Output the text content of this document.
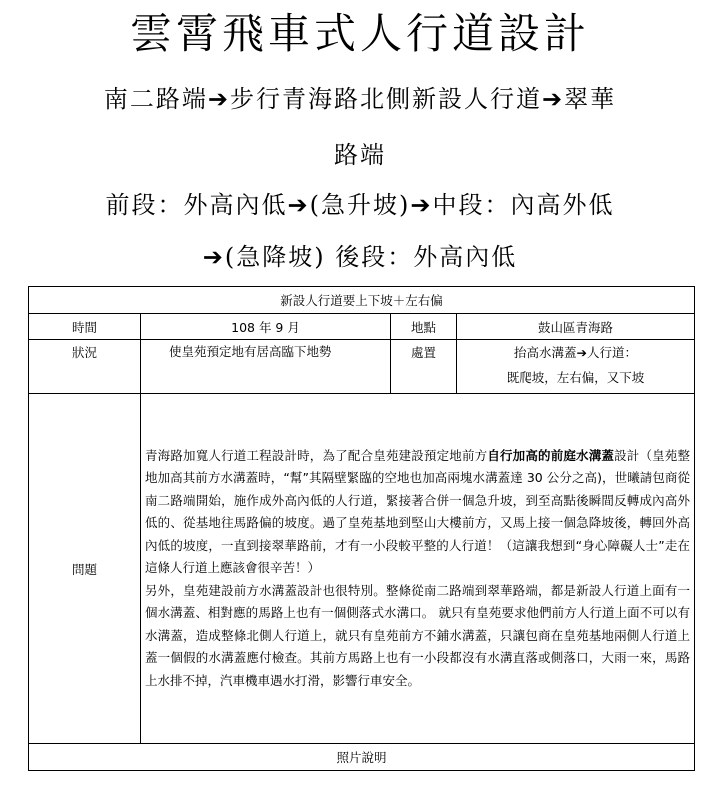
雲霄飛車式人行道設計
南二路端➔步行青海路北側新設人行道➔翠華
路端
前段：外高內低➔(急升坡)➔中段：內高外低
➔(急降坡) 後段：外高內低
新設人行道要上下坡＋左右偏			
時間	108 年 9 月	地點	鼓山區青海路
狀況	使皇苑預定地有居高臨下地勢	處置	抬高水溝蓋➔人行道：
既爬坡，左右偏，又下坡

問題	青海路加寬人行道工程設計時，為了配合皇苑建設預定地前方自行加高的前庭水溝蓋設計（皇苑整地加高其前方水溝蓋時，“幫”其隔壁緊臨的空地也加高兩塊水溝蓋達 30 公分之高)，世曦請包商從南二路端開始，施作成外高內低的人行道，緊接著合併一個急升坡，到至高點後瞬間反轉成內高外低的、從基地往馬路偏的坡度。過了皇苑基地到堅山大樓前方，又馬上接一個急降坡後，轉回外高內低的坡度，一直到接翠華路前，才有一小段較平整的人行道！（這讓我想到“身心障礙人士”走在這條人行道上應該會很辛苦！）
另外，皇苑建設前方水溝蓋設計也很特別。整條從南二路端到翠華路端，都是新設人行道上面有一個水溝蓋、相對應的馬路上也有一個側落式水溝口。 就只有皇苑要求他們前方人行道上面不可以有水溝蓋，造成整條北側人行道上，就只有皇苑前方不鋪水溝蓋，只讓包商在皇苑基地兩側人行道上蓋一個假的水溝蓋應付檢查。其前方馬路上也有一小段都沒有水溝直落或側落口，大雨一來，馬路上水排不掉，汽車機車遇水打滑，影響行車安全。		
照片說明			
